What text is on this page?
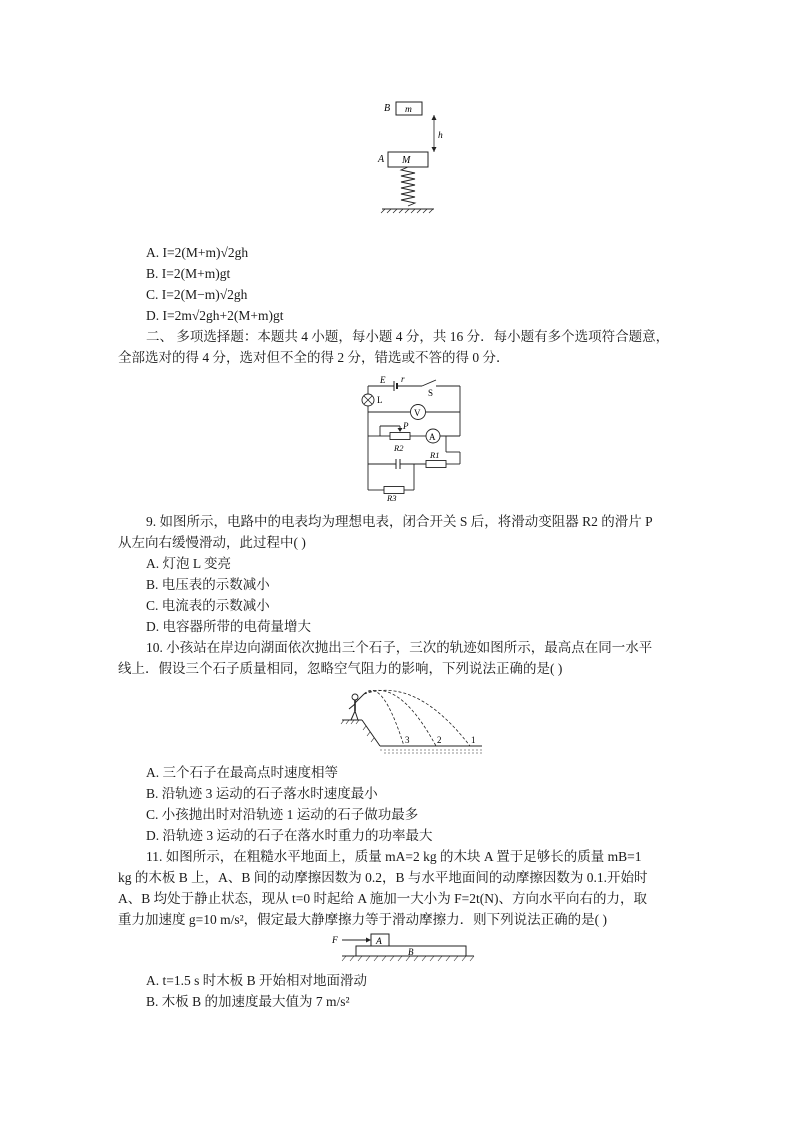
B m
h
A M
A. I=2(M+m)√2gh
B. I=2(M+m)gt
C. I=2(M−m)√2gh
D. I=2m√2gh+2(M+m)gt
二、 多项选择题：本题共 4 小题，每小题 4 分，共 16 分．每小题有多个选项符合题意，
全部选对的得 4 分，选对但不全的得 2 分，错选或不答的得 0 分．
E r
S
L
V
P
R2
A
R1
R3
9. 如图所示，电路中的电表均为理想电表，闭合开关 S 后，将滑动变阻器 R2 的滑片 P
从左向右缓慢滑动，此过程中( )
A. 灯泡 L 变亮
B. 电压表的示数减小
C. 电流表的示数减小
D. 电容器所带的电荷量增大
10. 小孩站在岸边向湖面依次抛出三个石子，三次的轨迹如图所示，最高点在同一水平
线上．假设三个石子质量相同，忽略空气阻力的影响，下列说法正确的是( )
3	2	1
A. 三个石子在最高点时速度相等
B. 沿轨迹 3 运动的石子落水时速度最小
C. 小孩抛出时对沿轨迹 1 运动的石子做功最多
D. 沿轨迹 3 运动的石子在落水时重力的功率最大
11. 如图所示，在粗糙水平地面上，质量 mA=2 kg 的木块 A 置于足够长的质量 mB=1
kg 的木板 B 上，A、B 间的动摩擦因数为 0.2，B 与水平地面间的动摩擦因数为 0.1.开始时
A、B 均处于静止状态，现从 t=0 时起给 A 施加一大小为 F=2t(N)、方向水平向右的力，取
重力加速度 g=10 m/s²，假定最大静摩擦力等于滑动摩擦力．则下列说法正确的是( )
F	A
B
A. t=1.5 s 时木板 B 开始相对地面滑动
B. 木板 B 的加速度最大值为 7 m/s²
